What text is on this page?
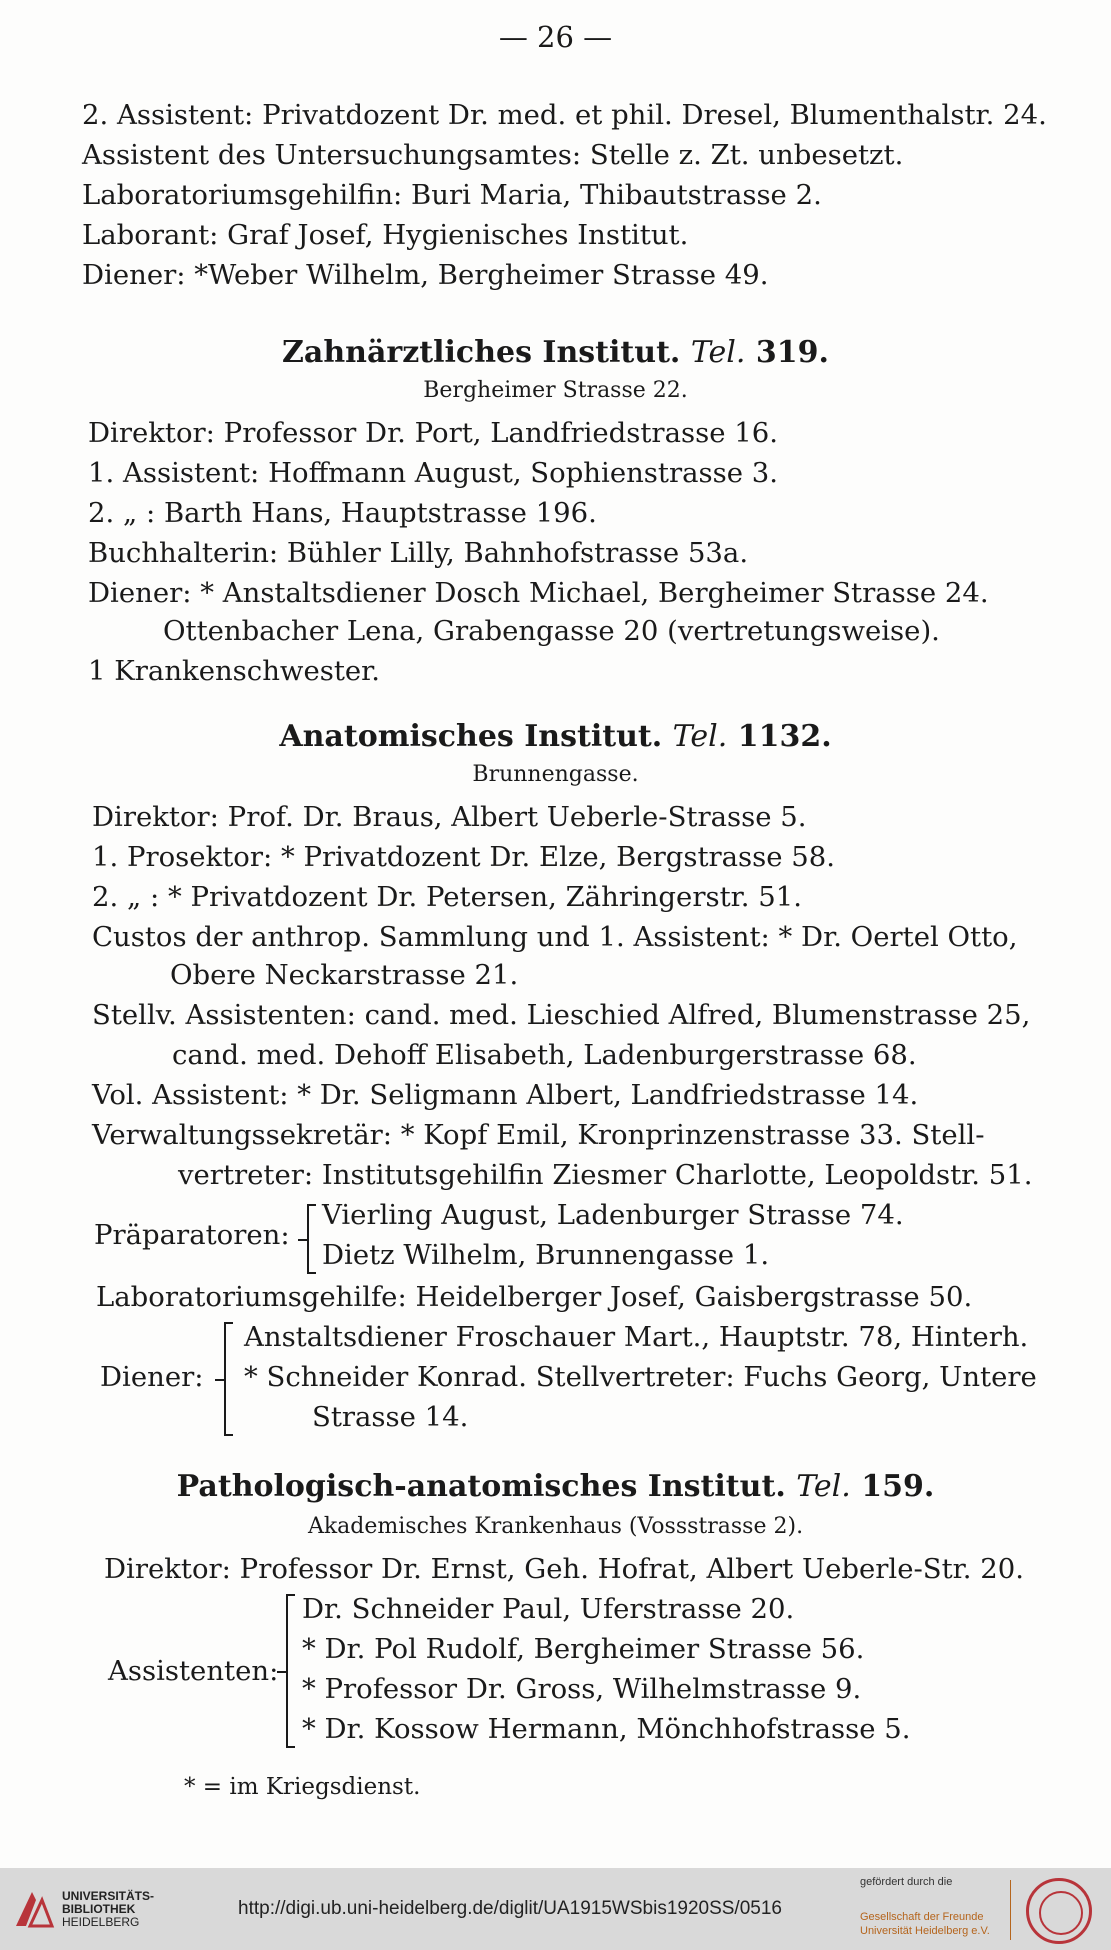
— 26 —
2. Assistent: Privatdozent Dr. med. et phil. Dresel, Blumenthalstr. 24.
Assistent des Untersuchungsamtes: Stelle z. Zt. unbesetzt.
Laboratoriumsgehilfin: Buri Maria, Thibautstrasse 2.
Laborant: Graf Josef, Hygienisches Institut.
Diener: *Weber Wilhelm, Bergheimer Strasse 49.
Zahnärztliches Institut. Tel. 319.
Bergheimer Strasse 22.
Direktor: Professor Dr. Port, Landfriedstrasse 16.
1. Assistent: Hoffmann August, Sophienstrasse 3.
2. „ : Barth Hans, Hauptstrasse 196.
Buchhalterin: Bühler Lilly, Bahnhofstrasse 53a.
Diener: * Anstaltsdiener Dosch Michael, Bergheimer Strasse 24.
Ottenbacher Lena, Grabengasse 20 (vertretungsweise).
1 Krankenschwester.
Anatomisches Institut. Tel. 1132.
Brunnengasse.
Direktor: Prof. Dr. Braus, Albert Ueberle-Strasse 5.
1. Prosektor: * Privatdozent Dr. Elze, Bergstrasse 58.
2. „ : * Privatdozent Dr. Petersen, Zähringerstr. 51.
Custos der anthrop. Sammlung und 1. Assistent: * Dr. Oertel Otto,
Obere Neckarstrasse 21.
Stellv. Assistenten: cand. med. Lieschied Alfred, Blumenstrasse 25,
cand. med. Dehoff Elisabeth, Ladenburgerstrasse 68.
Vol. Assistent: * Dr. Seligmann Albert, Landfriedstrasse 14.
Verwaltungssekretär: * Kopf Emil, Kronprinzenstrasse 33. Stell-
vertreter: Institutsgehilfin Ziesmer Charlotte, Leopoldstr. 51.
Präparatoren:
Vierling August, Ladenburger Strasse 74.
Dietz Wilhelm, Brunnengasse 1.
Laboratoriumsgehilfe: Heidelberger Josef, Gaisbergstrasse 50.
Diener:
Anstaltsdiener Froschauer Mart., Hauptstr. 78, Hinterh.
* Schneider Konrad. Stellvertreter: Fuchs Georg, Untere
Strasse 14.
Pathologisch-anatomisches Institut. Tel. 159.
Akademisches Krankenhaus (Vossstrasse 2).
Direktor: Professor Dr. Ernst, Geh. Hofrat, Albert Ueberle-Str. 20.
Assistenten:
Dr. Schneider Paul, Uferstrasse 20.
* Dr. Pol Rudolf, Bergheimer Strasse 56.
* Professor Dr. Gross, Wilhelmstrasse 9.
* Dr. Kossow Hermann, Mönchhofstrasse 5.
* = im Kriegsdienst.
UNIVERSITÄTS-
BIBLIOTHEK
HEIDELBERG
http://digi.ub.uni-heidelberg.de/diglit/UA1915WSbis1920SS/0516
gefördert durch die
Gesellschaft der Freunde
Universität Heidelberg e.V.
